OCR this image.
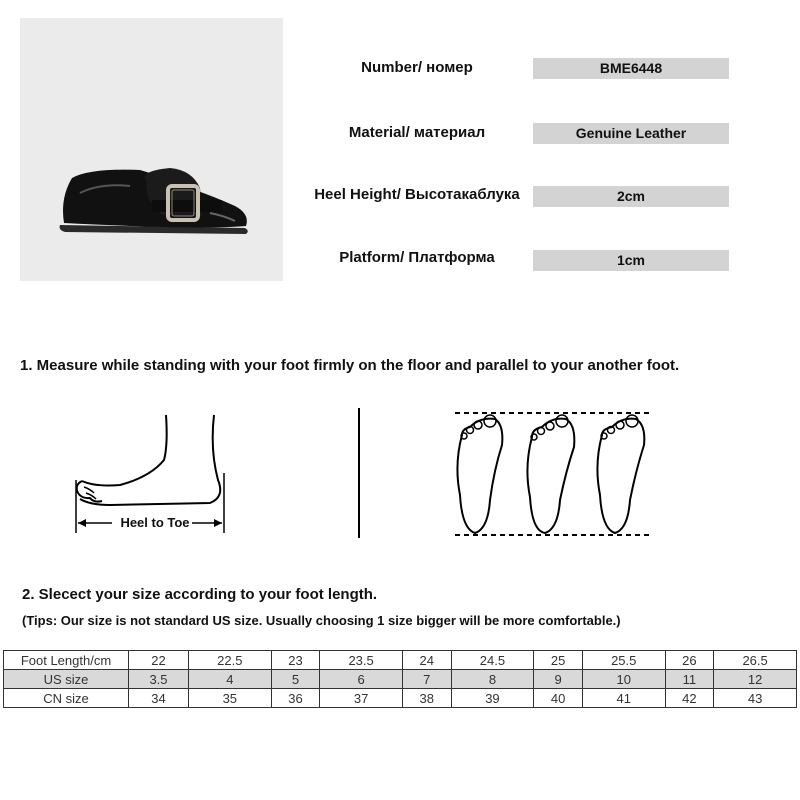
Number/ номер	BME6448
Material/ материал	Genuine Leather
Heel Height/ Высотакаблука	2cm
Platform/ Платформа	1cm
1. Measure while standing with your foot firmly on the floor and parallel to your another foot.
Heel to Toe
2. Slecect your size according to your foot length.
(Tips: Our size is not standard US size. Usually choosing 1 size bigger will be more comfortable.)
Foot Length/cm	22	22.5	23	23.5	24	24.5	25	25.5	26	26.5
US size	3.5	4	5	6	7	8	9	10	11	12
CN size	34	35	36	37	38	39	40	41	42	43
